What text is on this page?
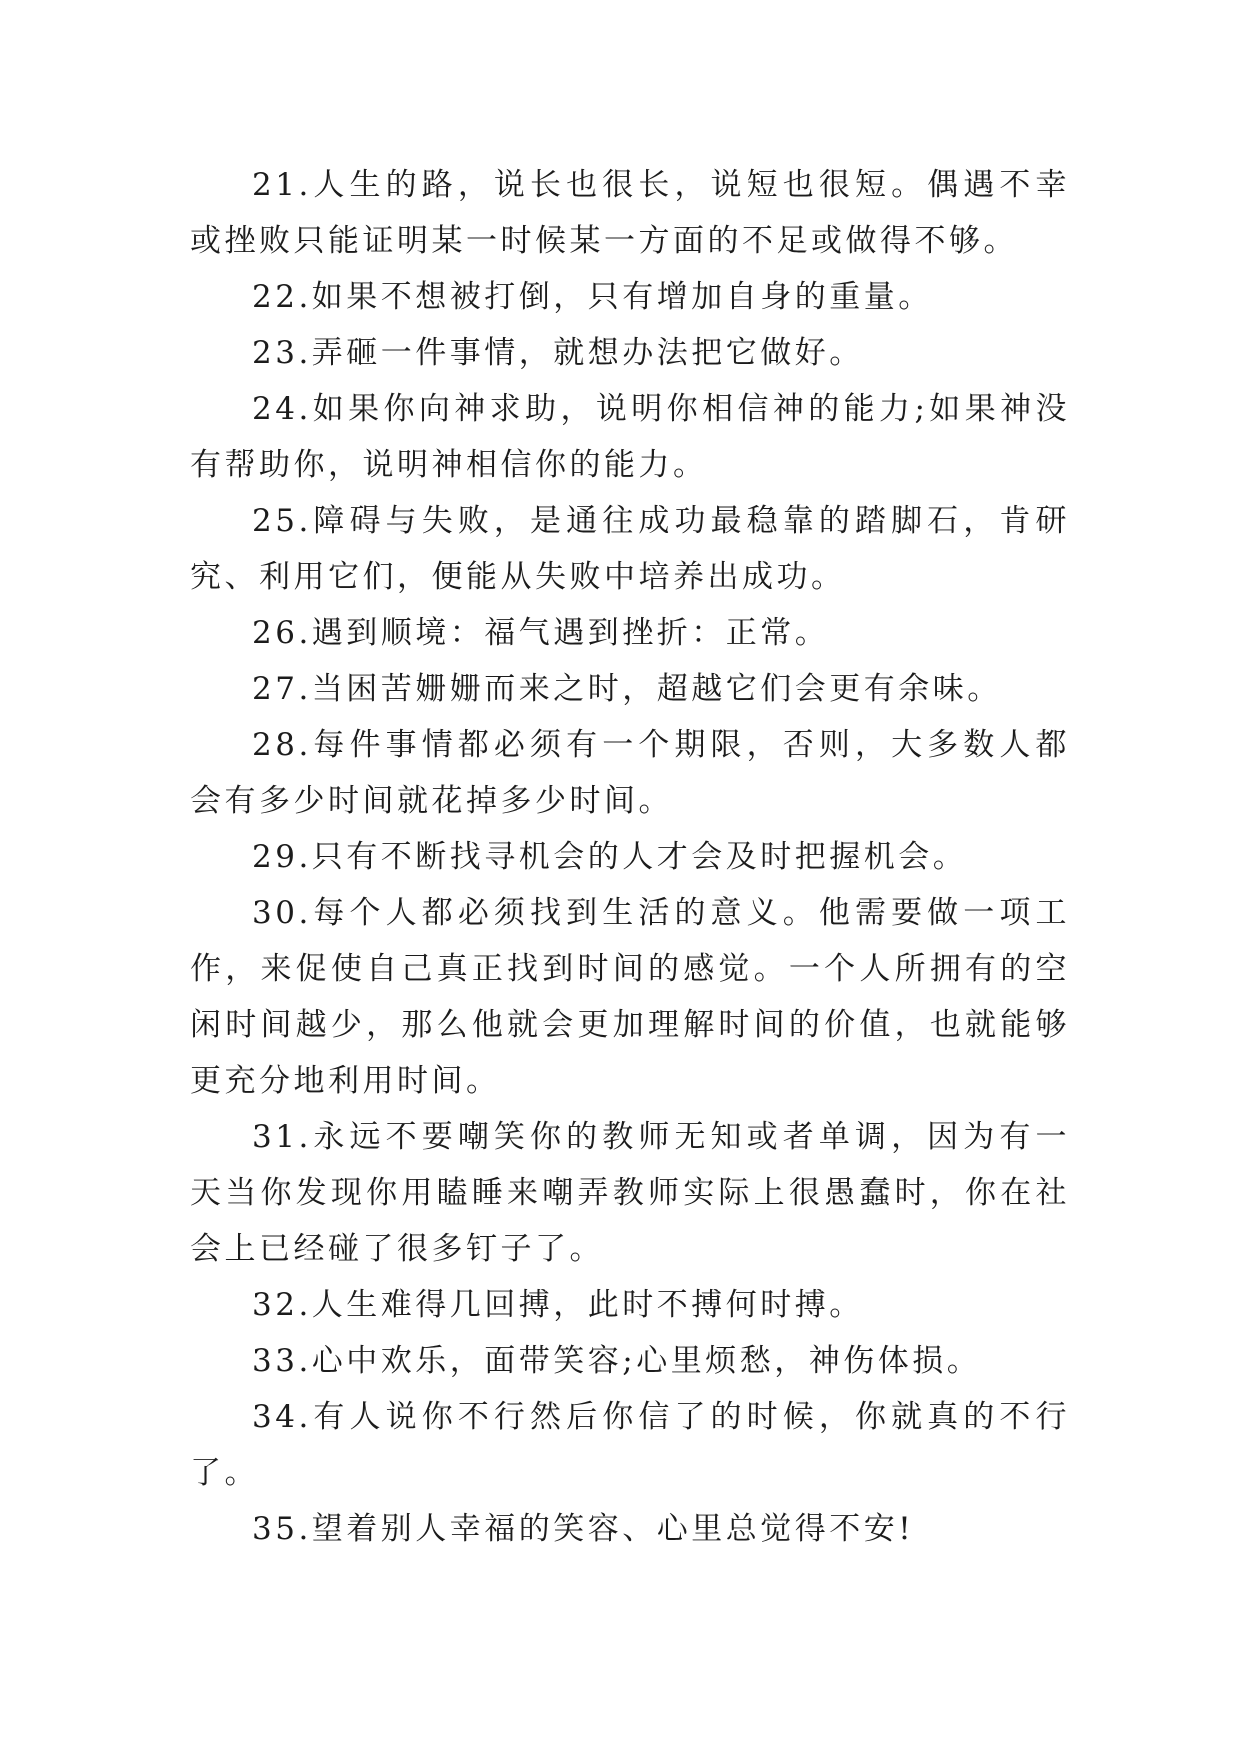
21.人生的路，说长也很长，说短也很短。偶遇不幸或挫败只能证明某一时候某一方面的不足或做得不够。

22.如果不想被打倒，只有增加自身的重量。

23.弄砸一件事情，就想办法把它做好。

24.如果你向神求助，说明你相信神的能力;如果神没有帮助你，说明神相信你的能力。

25.障碍与失败，是通往成功最稳靠的踏脚石，肯研究、利用它们，便能从失败中培养出成功。

26.遇到顺境：福气遇到挫折：正常。

27.当困苦姗姗而来之时，超越它们会更有余味。

28.每件事情都必须有一个期限，否则，大多数人都会有多少时间就花掉多少时间。

29.只有不断找寻机会的人才会及时把握机会。

30.每个人都必须找到生活的意义。他需要做一项工作，来促使自己真正找到时间的感觉。一个人所拥有的空闲时间越少，那么他就会更加理解时间的价值，也就能够更充分地利用时间。

31.永远不要嘲笑你的教师无知或者单调，因为有一天当你发现你用瞌睡来嘲弄教师实际上很愚蠢时，你在社会上已经碰了很多钉子了。

32.人生难得几回搏，此时不搏何时搏。

33.心中欢乐，面带笑容;心里烦愁，神伤体损。

34.有人说你不行然后你信了的时候，你就真的不行了。

35.望着别人幸福的笑容、心里总觉得不安!
